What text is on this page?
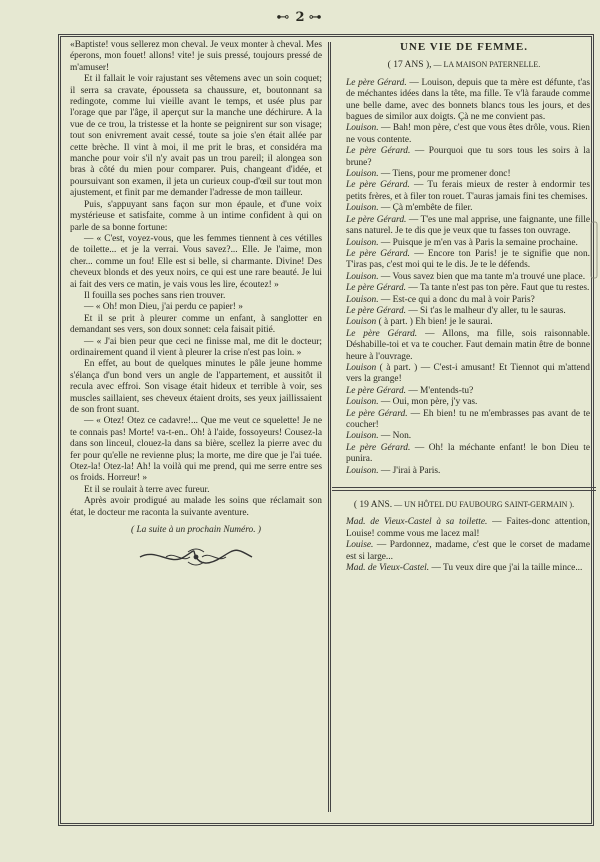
⊷ 2 ⊶

«Baptiste! vous sellerez mon cheval. Je veux monter à cheval. Mes éperons, mon fouet! allons! vite! je suis pressé, toujours pressé de m'amuser!

Et il fallait le voir rajustant ses vêtemens avec un soin coquet; il serra sa cravate, épousseta sa chaussure, et, boutonnant sa redingote, comme lui vieille avant le temps, et usée plus par l'orage que par l'âge, il aperçut sur la manche une déchirure. A la vue de ce trou, la tristesse et la honte se peignirent sur son visage; tout son enivrement avait cessé, toute sa joie s'en était allée par cette brèche. Il vint à moi, il me prit le bras, et considéra ma manche pour voir s'il n'y avait pas un trou pareil; il alongea son bras à côté du mien pour comparer. Puis, changeant d'idée, et poursuivant son examen, il jeta un curieux coup-d'œil sur tout mon ajustement, et finit par me demander l'adresse de mon tailleur.

Puis, s'appuyant sans façon sur mon épaule, et d'une voix mystérieuse et satisfaite, comme à un intime confident à qui on parle de sa bonne fortune:

— « C'est, voyez-vous, que les femmes tiennent à ces vétilles de toilette... et je la verrai. Vous savez?... Elle. Je l'aime, mon cher... comme un fou! Elle est si belle, si charmante. Divine! Des cheveux blonds et des yeux noirs, ce qui est une rare beauté. Je lui ai fait des vers ce matin, je vais vous les lire, écoutez! »

Il fouilla ses poches sans rien trouver.

— « Oh! mon Dieu, j'ai perdu ce papier! »

Et il se prit à pleurer comme un enfant, à sanglotter en demandant ses vers, son doux sonnet: cela faisait pitié.

— « J'ai bien peur que ceci ne finisse mal, me dit le docteur; ordinairement quand il vient à pleurer la crise n'est pas loin. »

En effet, au bout de quelques minutes le pâle jeune homme s'élança d'un bond vers un angle de l'appartement, et aussitôt il recula avec effroi. Son visage était hideux et terrible à voir, ses muscles saillaient, ses cheveux étaient droits, ses yeux jaillissaient de son front suant.

— « Otez! Otez ce cadavre!... Que me veut ce squelette! Je ne te connais pas! Morte! va-t-en.. Oh! à l'aide, fossoyeurs! Cousez-la dans son linceul, clouez-la dans sa bière, scellez la pierre avec du fer pour qu'elle ne revienne plus; la morte, me dire que je l'ai tuée. Otez-la! Otez-la! Ah! la voilà qui me prend, qui me serre entre ses os froids. Horreur! »

Et il se roulait à terre avec fureur.

Après avoir prodigué au malade les soins que réclamait son état, le docteur me raconta la suivante aventure.

( La suite à un prochain Numéro. )
UNE VIE DE FEMME.
( 17 ANS ), — LA MAISON PATERNELLE.

Le père Gérard. — Louison, depuis que ta mère est défunte, t'as de méchantes idées dans la tête, ma fille. Te v'là faraude comme une belle dame, avec des bonnets blancs tous les jours, et des bagues de similor aux doigts. Çà ne me convient pas.

Louison. — Bah! mon père, c'est que vous êtes drôle, vous. Rien ne vous contente.

Le père Gérard. — Pourquoi que tu sors tous les soirs à la brune?

Louison. — Tiens, pour me promener donc!

Le père Gérard. — Tu ferais mieux de rester à endormir tes petits frères, et à filer ton rouet. T'auras jamais fini tes chemises.

Louison. — Çà m'embête de filer.

Le père Gérard. — T'es une mal apprise, une faignante, une fille sans naturel. Je te dis que je veux que tu fasses ton ouvrage.

Louison. — Puisque je m'en vas à Paris la semaine prochaine.

Le père Gérard. — Encore ton Paris! je te signifie que non. T'iras pas, c'est moi qui te le dis. Je te le défends.

Louison. — Vous savez bien que ma tante m'a trouvé une place.

Le père Gérard. — Ta tante n'est pas ton père. Faut que tu restes.

Louison. — Est-ce qui a donc du mal à voir Paris?

Le père Gérard. — Si t'as le malheur d'y aller, tu le sauras.

Louison ( à part. ) Eh bien! je le saurai.

Le père Gérard. — Allons, ma fille, sois raisonnable. Déshabille-toi et va te coucher. Faut demain matin être de bonne heure à l'ouvrage.

Louison ( à part. ) — C'est-i amusant! Et Tiennot qui m'attend vers la grange!

Le père Gérard. — M'entends-tu?

Louison. — Oui, mon père, j'y vas.

Le père Gérard. — Eh bien! tu ne m'embrasses pas avant de te coucher!

Louison. — Non.

Le père Gérard. — Oh! la méchante enfant! le bon Dieu te punira.

Louison. — J'irai à Paris.

( 19 ANS. — UN HÔTEL DU FAUBOURG SAINT-GERMAIN ).

Mad. de Vieux-Castel à sa toilette. — Faites-donc attention, Louise! comme vous me lacez mal!

Louise. — Pardonnez, madame, c'est que le corset de madame est si large...

Mad. de Vieux-Castel. — Tu veux dire que j'ai la taille mince...
